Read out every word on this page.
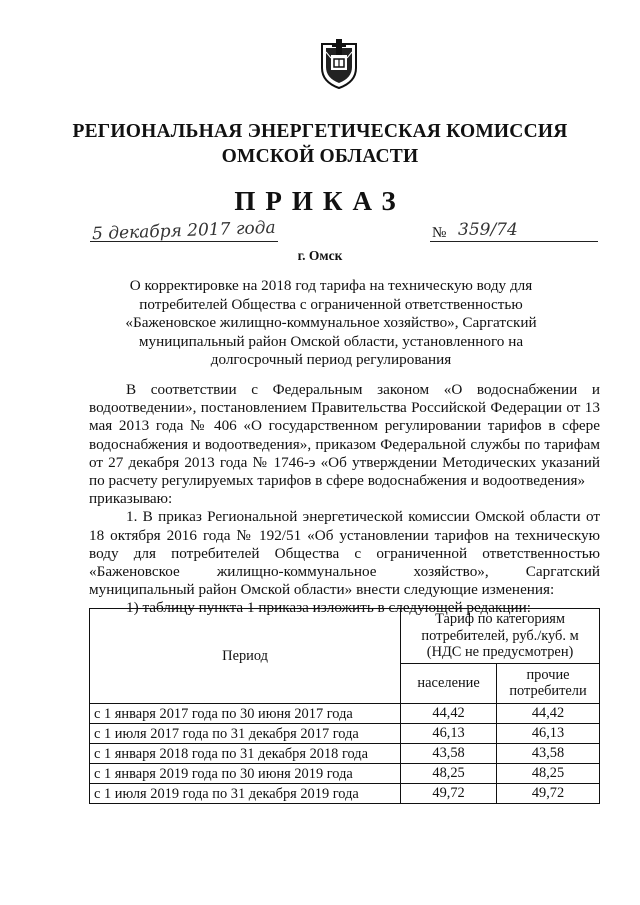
РЕГИОНАЛЬНАЯ ЭНЕРГЕТИЧЕСКАЯ КОМИССИЯ
ОМСКОЙ ОБЛАСТИ
ПРИКАЗ
5 декабря 2017 года	№ 359/74
г. Омск
О корректировке на 2018 год тарифа на техническую воду для
потребителей Общества с ограниченной ответственностью
«Баженовское жилищно-коммунальное хозяйство», Саргатский
муниципальный район Омской области, установленного на
долгосрочный период регулирования

В соответствии с Федеральным законом «О водоснабжении и водоотведении», постановлением Правительства Российской Федерации от 13 мая 2013 года № 406 «О государственном регулировании тарифов в сфере водоснабжения и водоотведения», приказом Федеральной службы по тарифам от 27 декабря 2013 года № 1746-э «Об утверждении Методических указаний по расчету регулируемых тарифов в сфере водоснабжения и водоотведения»

приказываю:

1. В приказ Региональной энергетической комиссии Омской области от 18 октября 2016 года № 192/51 «Об установлении тарифов на техническую воду для потребителей Общества с ограниченной ответственностью «Баженовское жилищно-коммунальное хозяйство», Саргатский муниципальный район Омской области» внести следующие изменения:

1) таблицу пункта 1 приказа изложить в следующей редакции:

Период	Тариф по категориям потребителей, руб./куб. м (НДС не предусмотрен)	
	население	прочие потребители
с 1 января 2017 года по 30 июня 2017 года	44,42	44,42
с 1 июля 2017 года по 31 декабря 2017 года	46,13	46,13
с 1 января 2018 года по 31 декабря 2018 года	43,58	43,58
с 1 января 2019 года по 30 июня 2019 года	48,25	48,25
с 1 июля 2019 года по 31 декабря 2019 года	49,72	49,72
